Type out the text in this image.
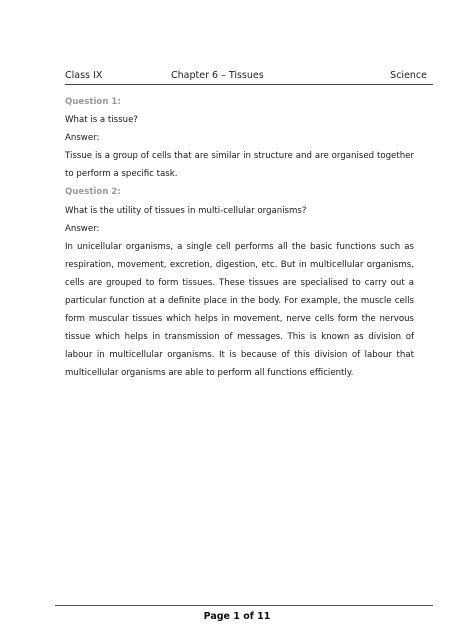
Class IX	Chapter 6 – Tissues	Science

Question 1:

What is a tissue?

Answer:

Tissue is a group of cells that are similar in structure and are organised together to perform a specific task.

Question 2:

What is the utility of tissues in multi-cellular organisms?

Answer:

In unicellular organisms, a single cell performs all the basic functions such as respiration, movement, excretion, digestion, etc. But in multicellular organisms, cells are grouped to form tissues. These tissues are specialised to carry out a particular function at a definite place in the body. For example, the muscle cells form muscular tissues which helps in movement, nerve cells form the nervous tissue which helps in transmission of messages. This is known as division of labour in multicellular organisms. It is because of this division of labour that multicellular organisms are able to perform all functions efficiently.

Page 1 of 11
